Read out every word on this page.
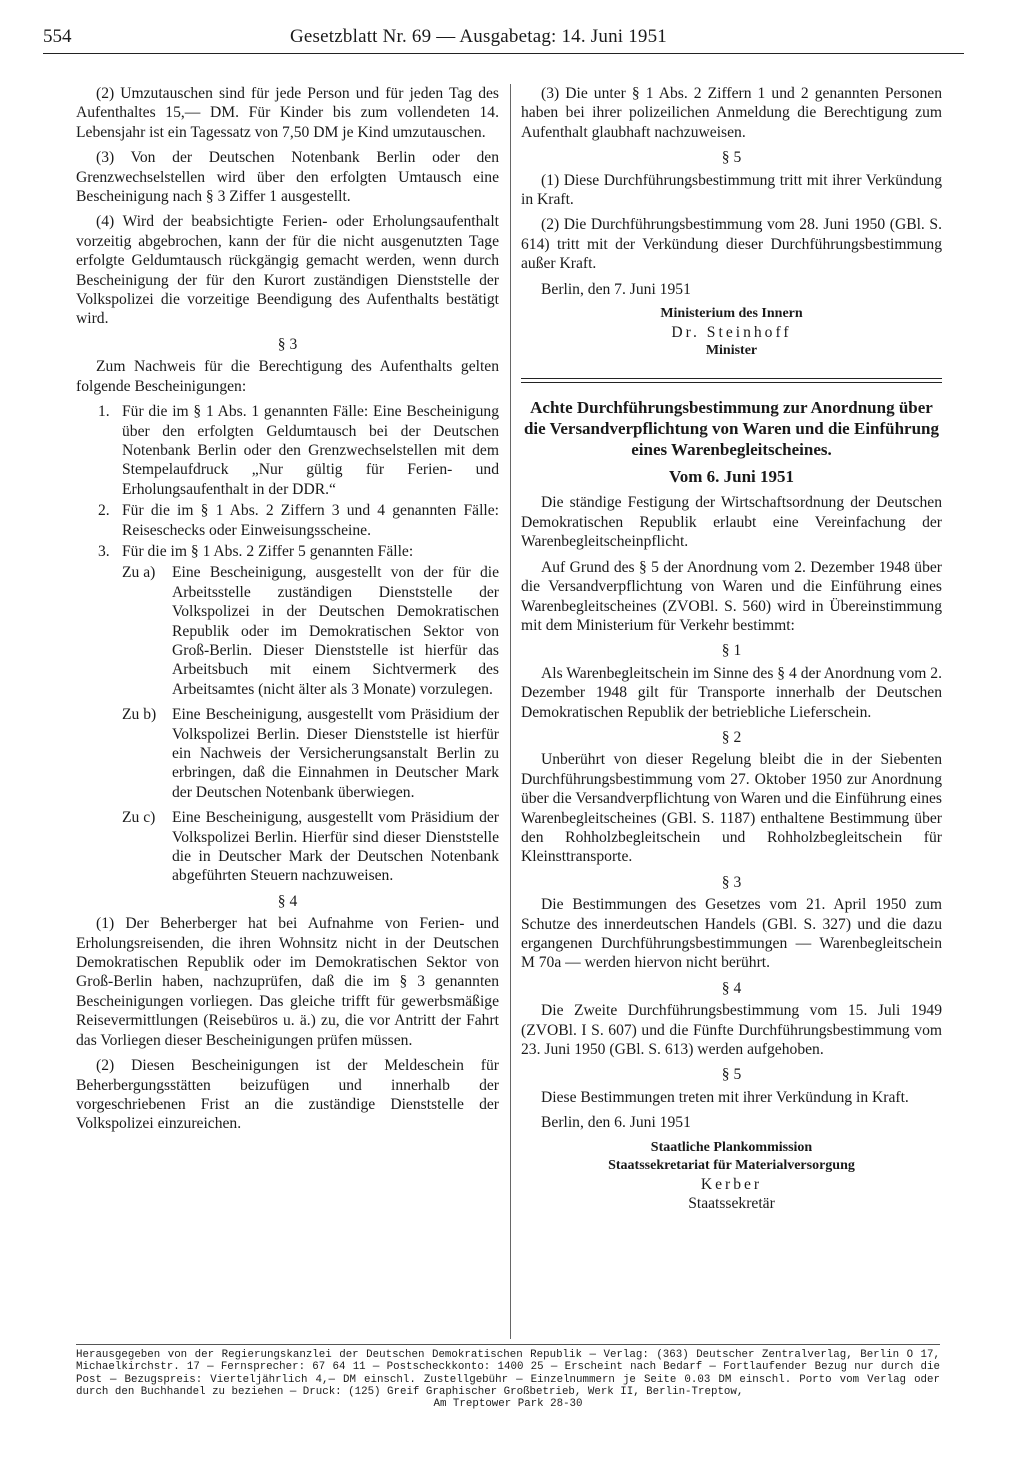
554	Gesetzblatt Nr. 69 — Ausgabetag: 14. Juni 1951

(2) Umzutauschen sind für jede Person und für jeden Tag des Aufenthaltes 15,— DM. Für Kinder bis zum vollendeten 14. Lebensjahr ist ein Tagessatz von 7,50 DM je Kind umzutauschen.

(3) Von der Deutschen Notenbank Berlin oder den Grenzwechselstellen wird über den erfolgten Umtausch eine Bescheinigung nach § 3 Ziffer 1 ausgestellt.

(4) Wird der beabsichtigte Ferien- oder Erholungsaufenthalt vorzeitig abgebrochen, kann der für die nicht ausgenutzten Tage erfolgte Geldumtausch rückgängig gemacht werden, wenn durch Bescheinigung der für den Kurort zuständigen Dienststelle der Volkspolizei die vorzeitige Beendigung des Aufenthalts bestätigt wird.

§ 3

Zum Nachweis für die Berechtigung des Aufenthalts gelten folgende Bescheinigungen:

1. Für die im § 1 Abs. 1 genannten Fälle: Eine Bescheinigung über den erfolgten Geldumtausch bei der Deutschen Notenbank Berlin oder den Grenzwechselstellen mit dem Stempelaufdruck „Nur gültig für Ferien- und Erholungsaufenthalt in der DDR.“
2. Für die im § 1 Abs. 2 Ziffern 3 und 4 genannten Fälle: Reiseschecks oder Einweisungsscheine.
3. Für die im § 1 Abs. 2 Ziffer 5 genannten Fälle:
Zu a)	Eine Bescheinigung, ausgestellt von der für die Arbeitsstelle zuständigen Dienststelle der Volkspolizei in der Deutschen Demokratischen Republik oder im Demokratischen Sektor von Groß-Berlin. Dieser Dienststelle ist hierfür das Arbeitsbuch mit einem Sichtvermerk des Arbeitsamtes (nicht älter als 3 Monate) vorzulegen.
Zu b)	Eine Bescheinigung, ausgestellt vom Präsidium der Volkspolizei Berlin. Dieser Dienststelle ist hierfür ein Nachweis der Versicherungsanstalt Berlin zu erbringen, daß die Einnahmen in Deutscher Mark der Deutschen Notenbank überwiegen.
Zu c)	Eine Bescheinigung, ausgestellt vom Präsidium der Volkspolizei Berlin. Hierfür sind dieser Dienststelle die in Deutscher Mark der Deutschen Notenbank abgeführten Steuern nachzuweisen.
§ 4

(1) Der Beherberger hat bei Aufnahme von Ferien- und Erholungsreisenden, die ihren Wohnsitz nicht in der Deutschen Demokratischen Republik oder im Demokratischen Sektor von Groß-Berlin haben, nachzuprüfen, daß die im § 3 genannten Bescheinigungen vorliegen. Das gleiche trifft für gewerbsmäßige Reisevermittlungen (Reisebüros u. ä.) zu, die vor Antritt der Fahrt das Vorliegen dieser Bescheinigungen prüfen müssen.

(2) Diesen Bescheinigungen ist der Meldeschein für Beherbergungsstätten beizufügen und innerhalb der vorgeschriebenen Frist an die zuständige Dienststelle der Volkspolizei einzureichen.

(3) Die unter § 1 Abs. 2 Ziffern 1 und 2 genannten Personen haben bei ihrer polizeilichen Anmeldung die Berechtigung zum Aufenthalt glaubhaft nachzuweisen.

§ 5

(1) Diese Durchführungsbestimmung tritt mit ihrer Verkündung in Kraft.

(2) Die Durchführungsbestimmung vom 28. Juni 1950 (GBl. S. 614) tritt mit der Verkündung dieser Durchführungsbestimmung außer Kraft.

Berlin, den 7. Juni 1951

Ministerium des Innern
Dr. Steinhoff
Minister
Achte Durchführungsbestimmung zur Anordnung über die Versandverpflichtung von Waren und die Einführung eines Warenbegleitscheines.
Vom 6. Juni 1951

Die ständige Festigung der Wirtschaftsordnung der Deutschen Demokratischen Republik erlaubt eine Vereinfachung der Warenbegleitscheinpflicht.

Auf Grund des § 5 der Anordnung vom 2. Dezember 1948 über die Versandverpflichtung von Waren und die Einführung eines Warenbegleitscheines (ZVOBl. S. 560) wird in Übereinstimmung mit dem Ministerium für Verkehr bestimmt:

§ 1

Als Warenbegleitschein im Sinne des § 4 der Anordnung vom 2. Dezember 1948 gilt für Transporte innerhalb der Deutschen Demokratischen Republik der betriebliche Lieferschein.

§ 2

Unberührt von dieser Regelung bleibt die in der Siebenten Durchführungsbestimmung vom 27. Oktober 1950 zur Anordnung über die Versandverpflichtung von Waren und die Einführung eines Warenbegleitscheines (GBl. S. 1187) enthaltene Bestimmung über den Rohholzbegleitschein und Rohholzbegleitschein für Kleinsttransporte.

§ 3

Die Bestimmungen des Gesetzes vom 21. April 1950 zum Schutze des innerdeutschen Handels (GBl. S. 327) und die dazu ergangenen Durchführungsbestimmungen — Warenbegleitschein M 70a — werden hiervon nicht berührt.

§ 4

Die Zweite Durchführungsbestimmung vom 15. Juli 1949 (ZVOBl. I S. 607) und die Fünfte Durchführungsbestimmung vom 23. Juni 1950 (GBl. S. 613) werden aufgehoben.

§ 5

Diese Bestimmungen treten mit ihrer Verkündung in Kraft.

Berlin, den 6. Juni 1951

Staatliche Plankommission
Staatssekretariat für Materialversorgung
Kerber
Staatssekretär
Herausgegeben von der Regierungskanzlei der Deutschen Demokratischen Republik — Verlag: (363) Deutscher Zentralverlag, Berlin O 17, Michaelkirchstr. 17 — Fernsprecher: 67 64 11 — Postscheckkonto: 1400 25 — Erscheint nach Bedarf — Fortlaufender Bezug nur durch die Post — Bezugspreis: Vierteljährlich 4,— DM einschl. Zustellgebühr — Einzelnummern je Seite 0.03 DM einschl. Porto vom Verlag oder durch den Buchhandel zu beziehen — Druck: (125) Greif Graphischer Großbetrieb, Werk II, Berlin-Treptow,
Am Treptower Park 28-30
